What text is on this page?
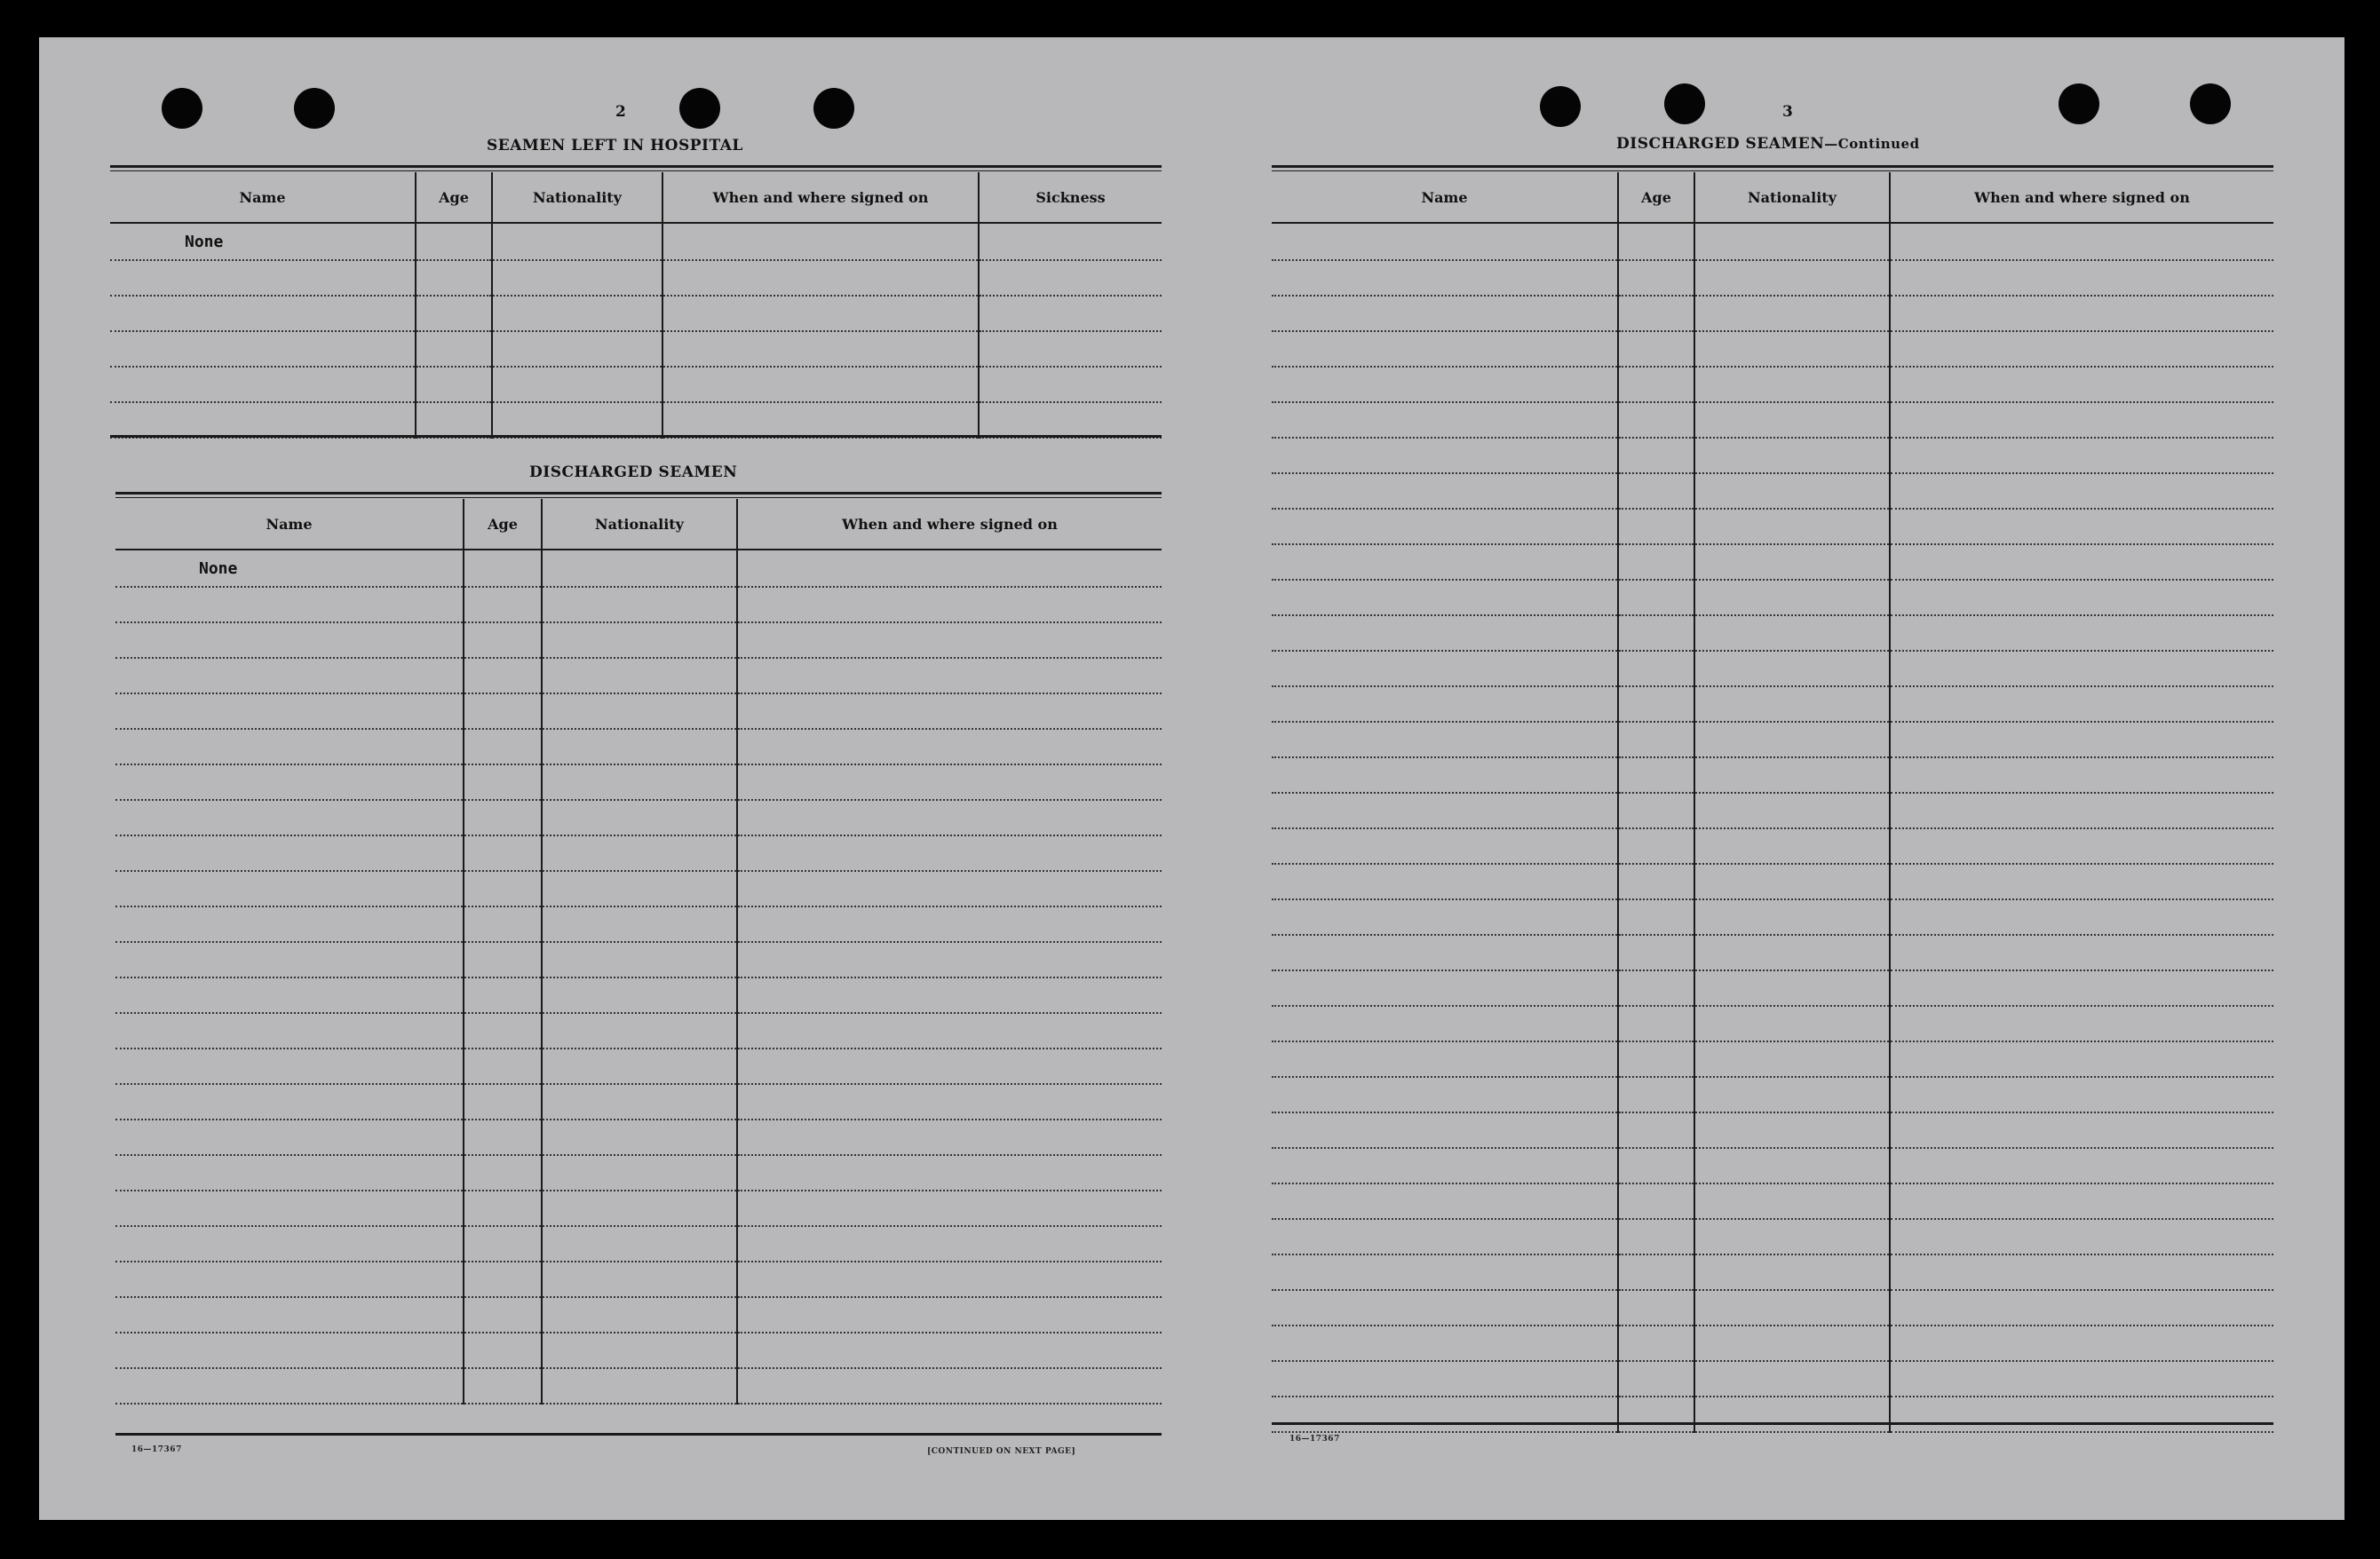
2
SEAMEN LEFT IN HOSPITAL
Name	Age	Nationality	When and where signed on	Sickness
None				

DISCHARGED SEAMEN
Name	Age	Nationality	When and where signed on
None			

16—17367	[CONTINUED ON NEXT PAGE]
3
DISCHARGED SEAMEN—Continued
Name	Age	Nationality	When and where signed on

16—17367
